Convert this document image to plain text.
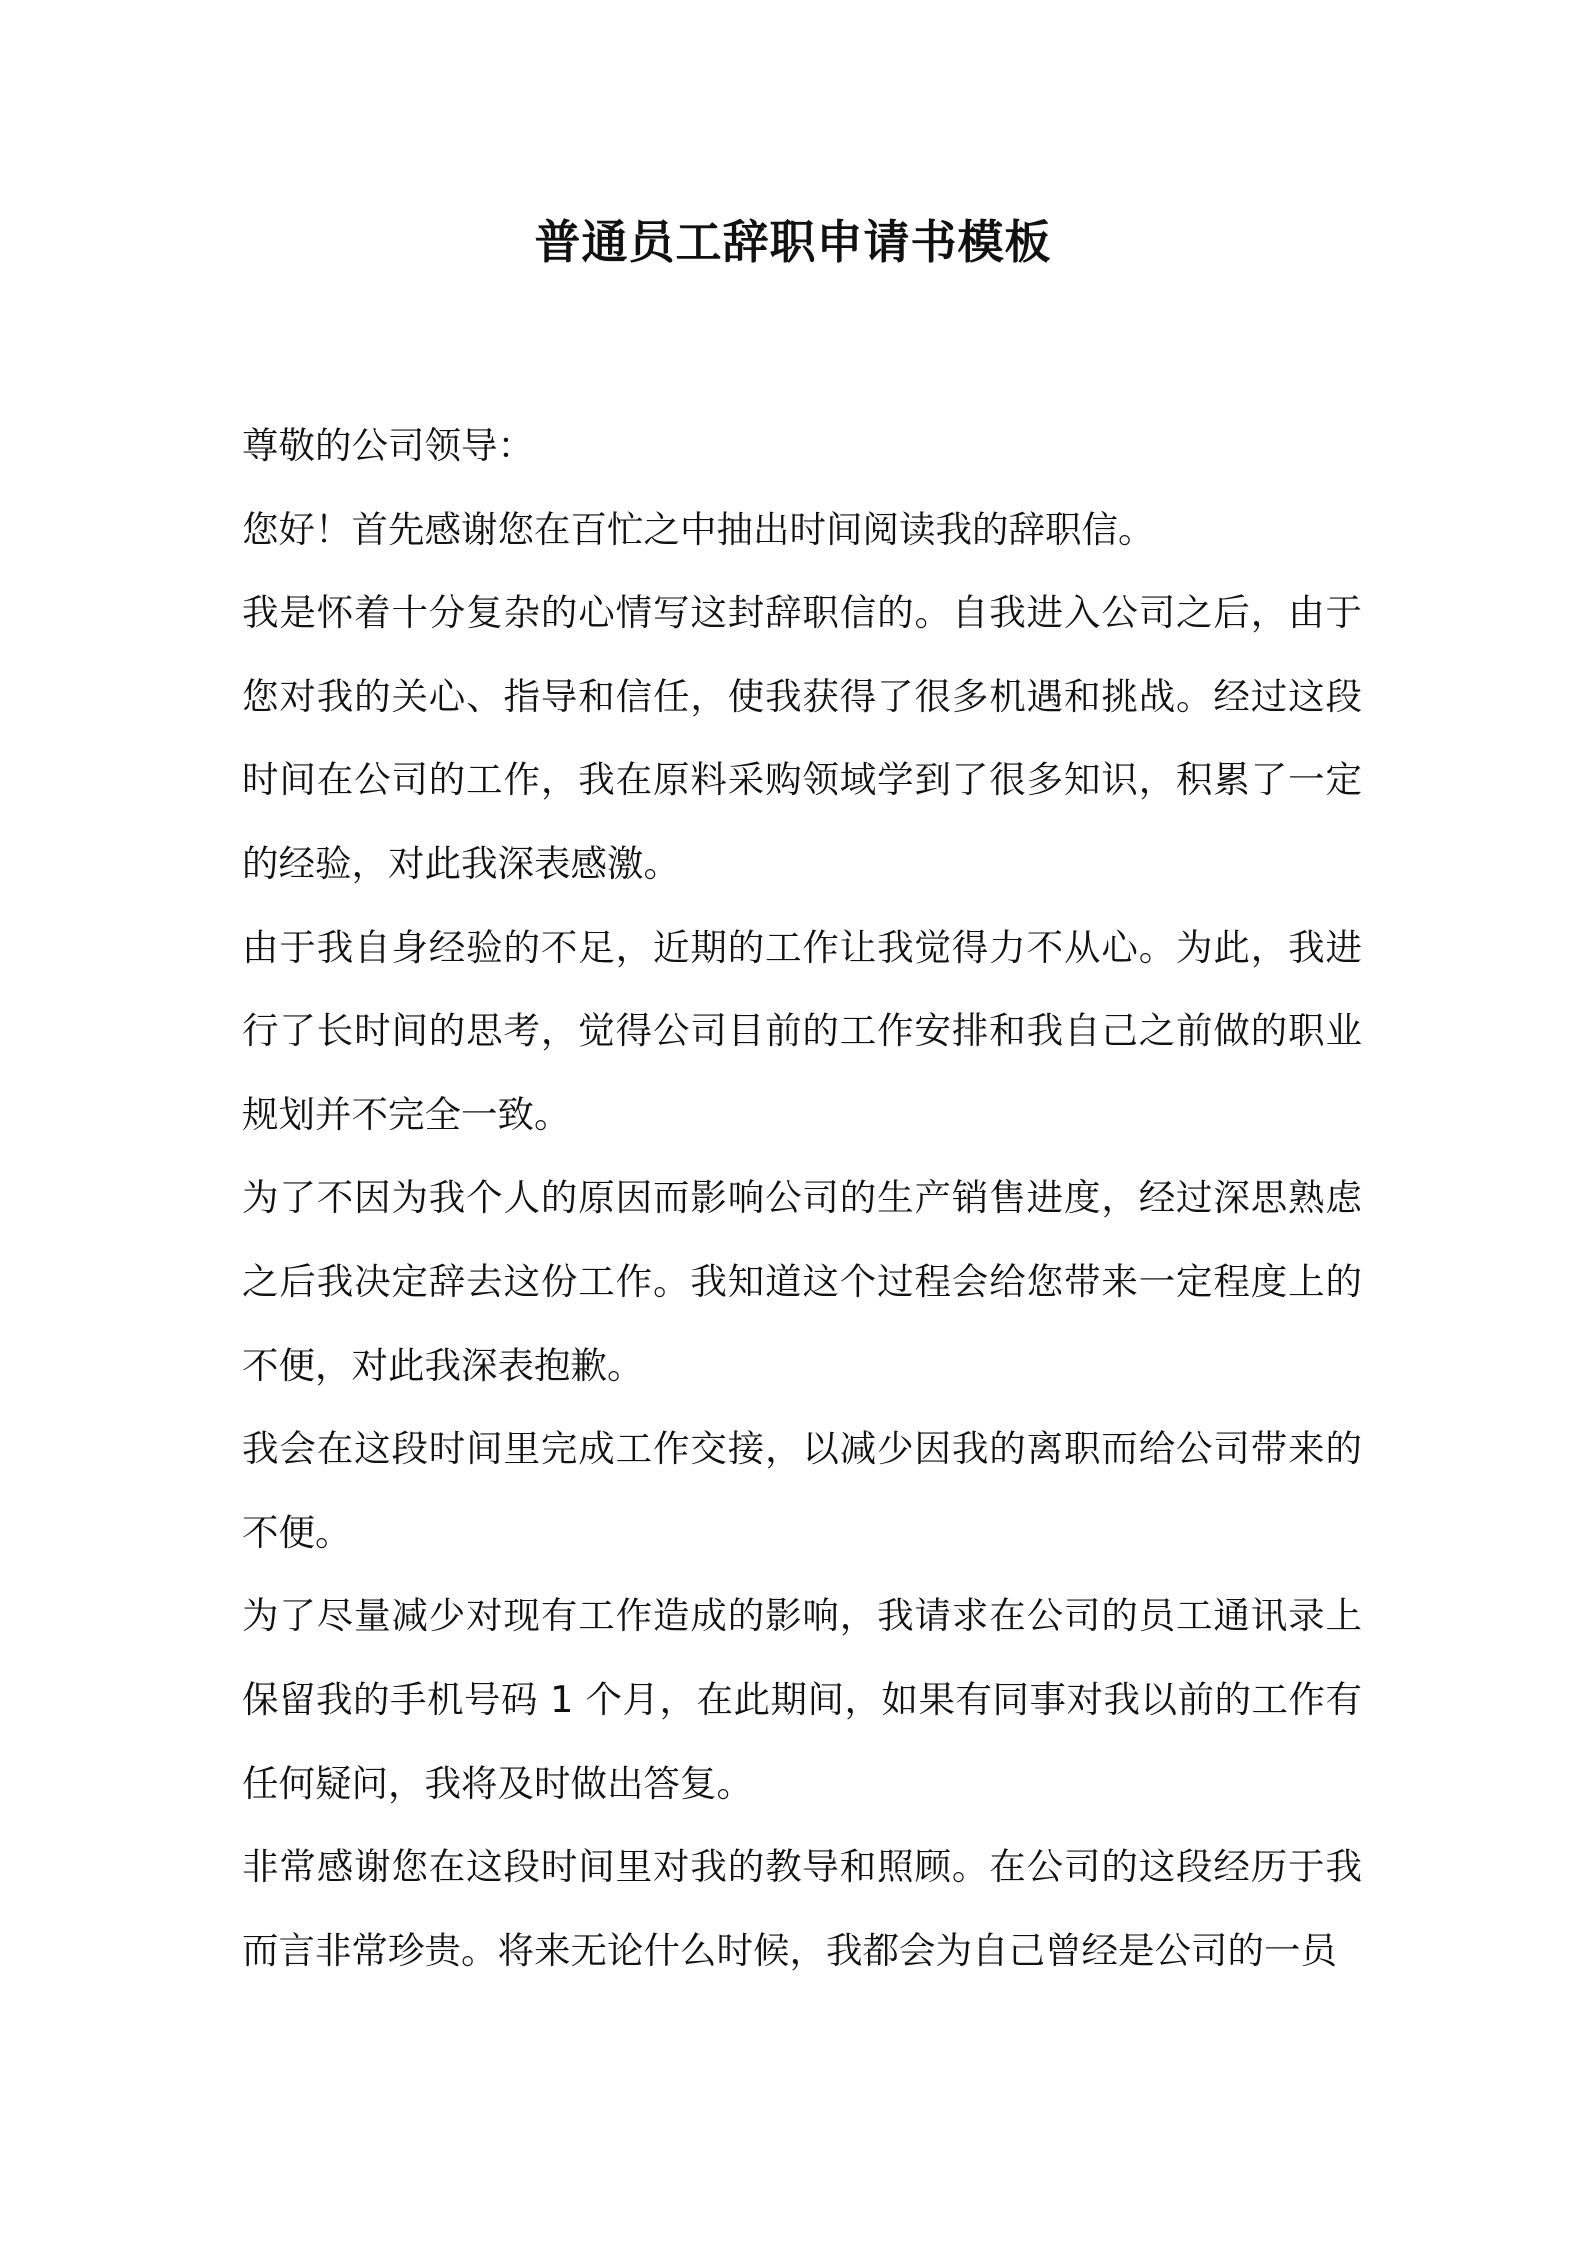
普通员工辞职申请书模板

尊敬的公司领导：

您好！首先感谢您在百忙之中抽出时间阅读我的辞职信。

我是怀着十分复杂的心情写这封辞职信的。自我进入公司之后，由于您对我的关心、指导和信任，使我获得了很多机遇和挑战。经过这段时间在公司的工作，我在原料采购领域学到了很多知识，积累了一定的经验，对此我深表感激。

由于我自身经验的不足，近期的工作让我觉得力不从心。为此，我进行了长时间的思考，觉得公司目前的工作安排和我自己之前做的职业规划并不完全一致。

为了不因为我个人的原因而影响公司的生产销售进度，经过深思熟虑之后我决定辞去这份工作。我知道这个过程会给您带来一定程度上的不便，对此我深表抱歉。

我会在这段时间里完成工作交接，以减少因我的离职而给公司带来的不便。

为了尽量减少对现有工作造成的影响，我请求在公司的员工通讯录上保留我的手机号码 1 个月，在此期间，如果有同事对我以前的工作有任何疑问，我将及时做出答复。

非常感谢您在这段时间里对我的教导和照顾。在公司的这段经历于我而言非常珍贵。将来无论什么时候，我都会为自己曾经是公司的一员
